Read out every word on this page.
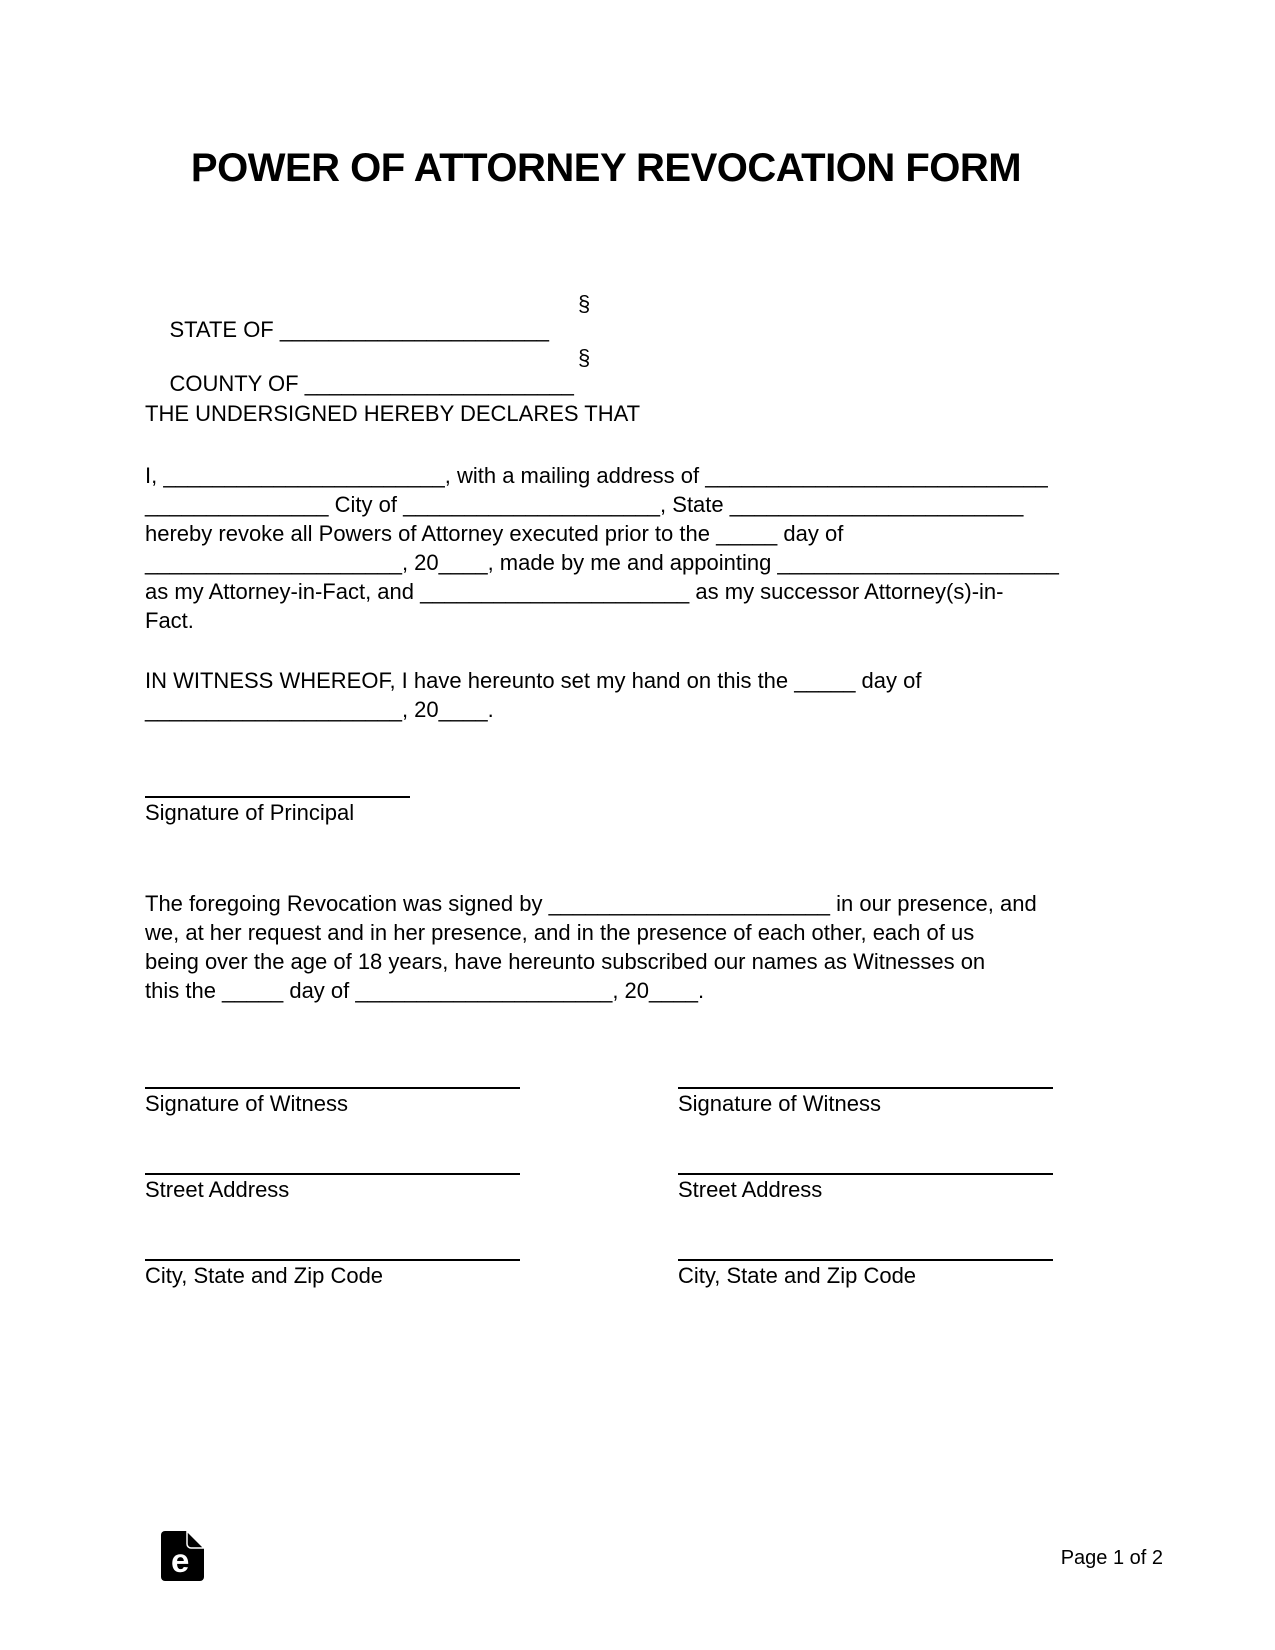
POWER OF ATTORNEY REVOCATION FORM

STATE OF ______________________

§

COUNTY OF ______________________

§

THE UNDERSIGNED HEREBY DECLARES THAT
I, _______________________, with a mailing address of ____________________________
_______________ City of _____________________, State ________________________
hereby revoke all Powers of Attorney executed prior to the _____ day of
_____________________, 20____, made by me and appointing _______________________
as my Attorney-in-Fact, and ______________________ as my successor Attorney(s)-in-
Fact.
IN WITNESS WHEREOF, I have hereunto set my hand on this the _____ day of
_____________________, 20____.
Signature of Principal
The foregoing Revocation was signed by _______________________ in our presence, and
we, at her request and in her presence, and in the presence of each other, each of us
being over the age of 18 years, have hereunto subscribed our names as Witnesses on
this the _____ day of _____________________, 20____.
Signature of Witness
Street Address
City, State and Zip Code
Signature of Witness
Street Address
City, State and Zip Code
e	Page 1 of 2
